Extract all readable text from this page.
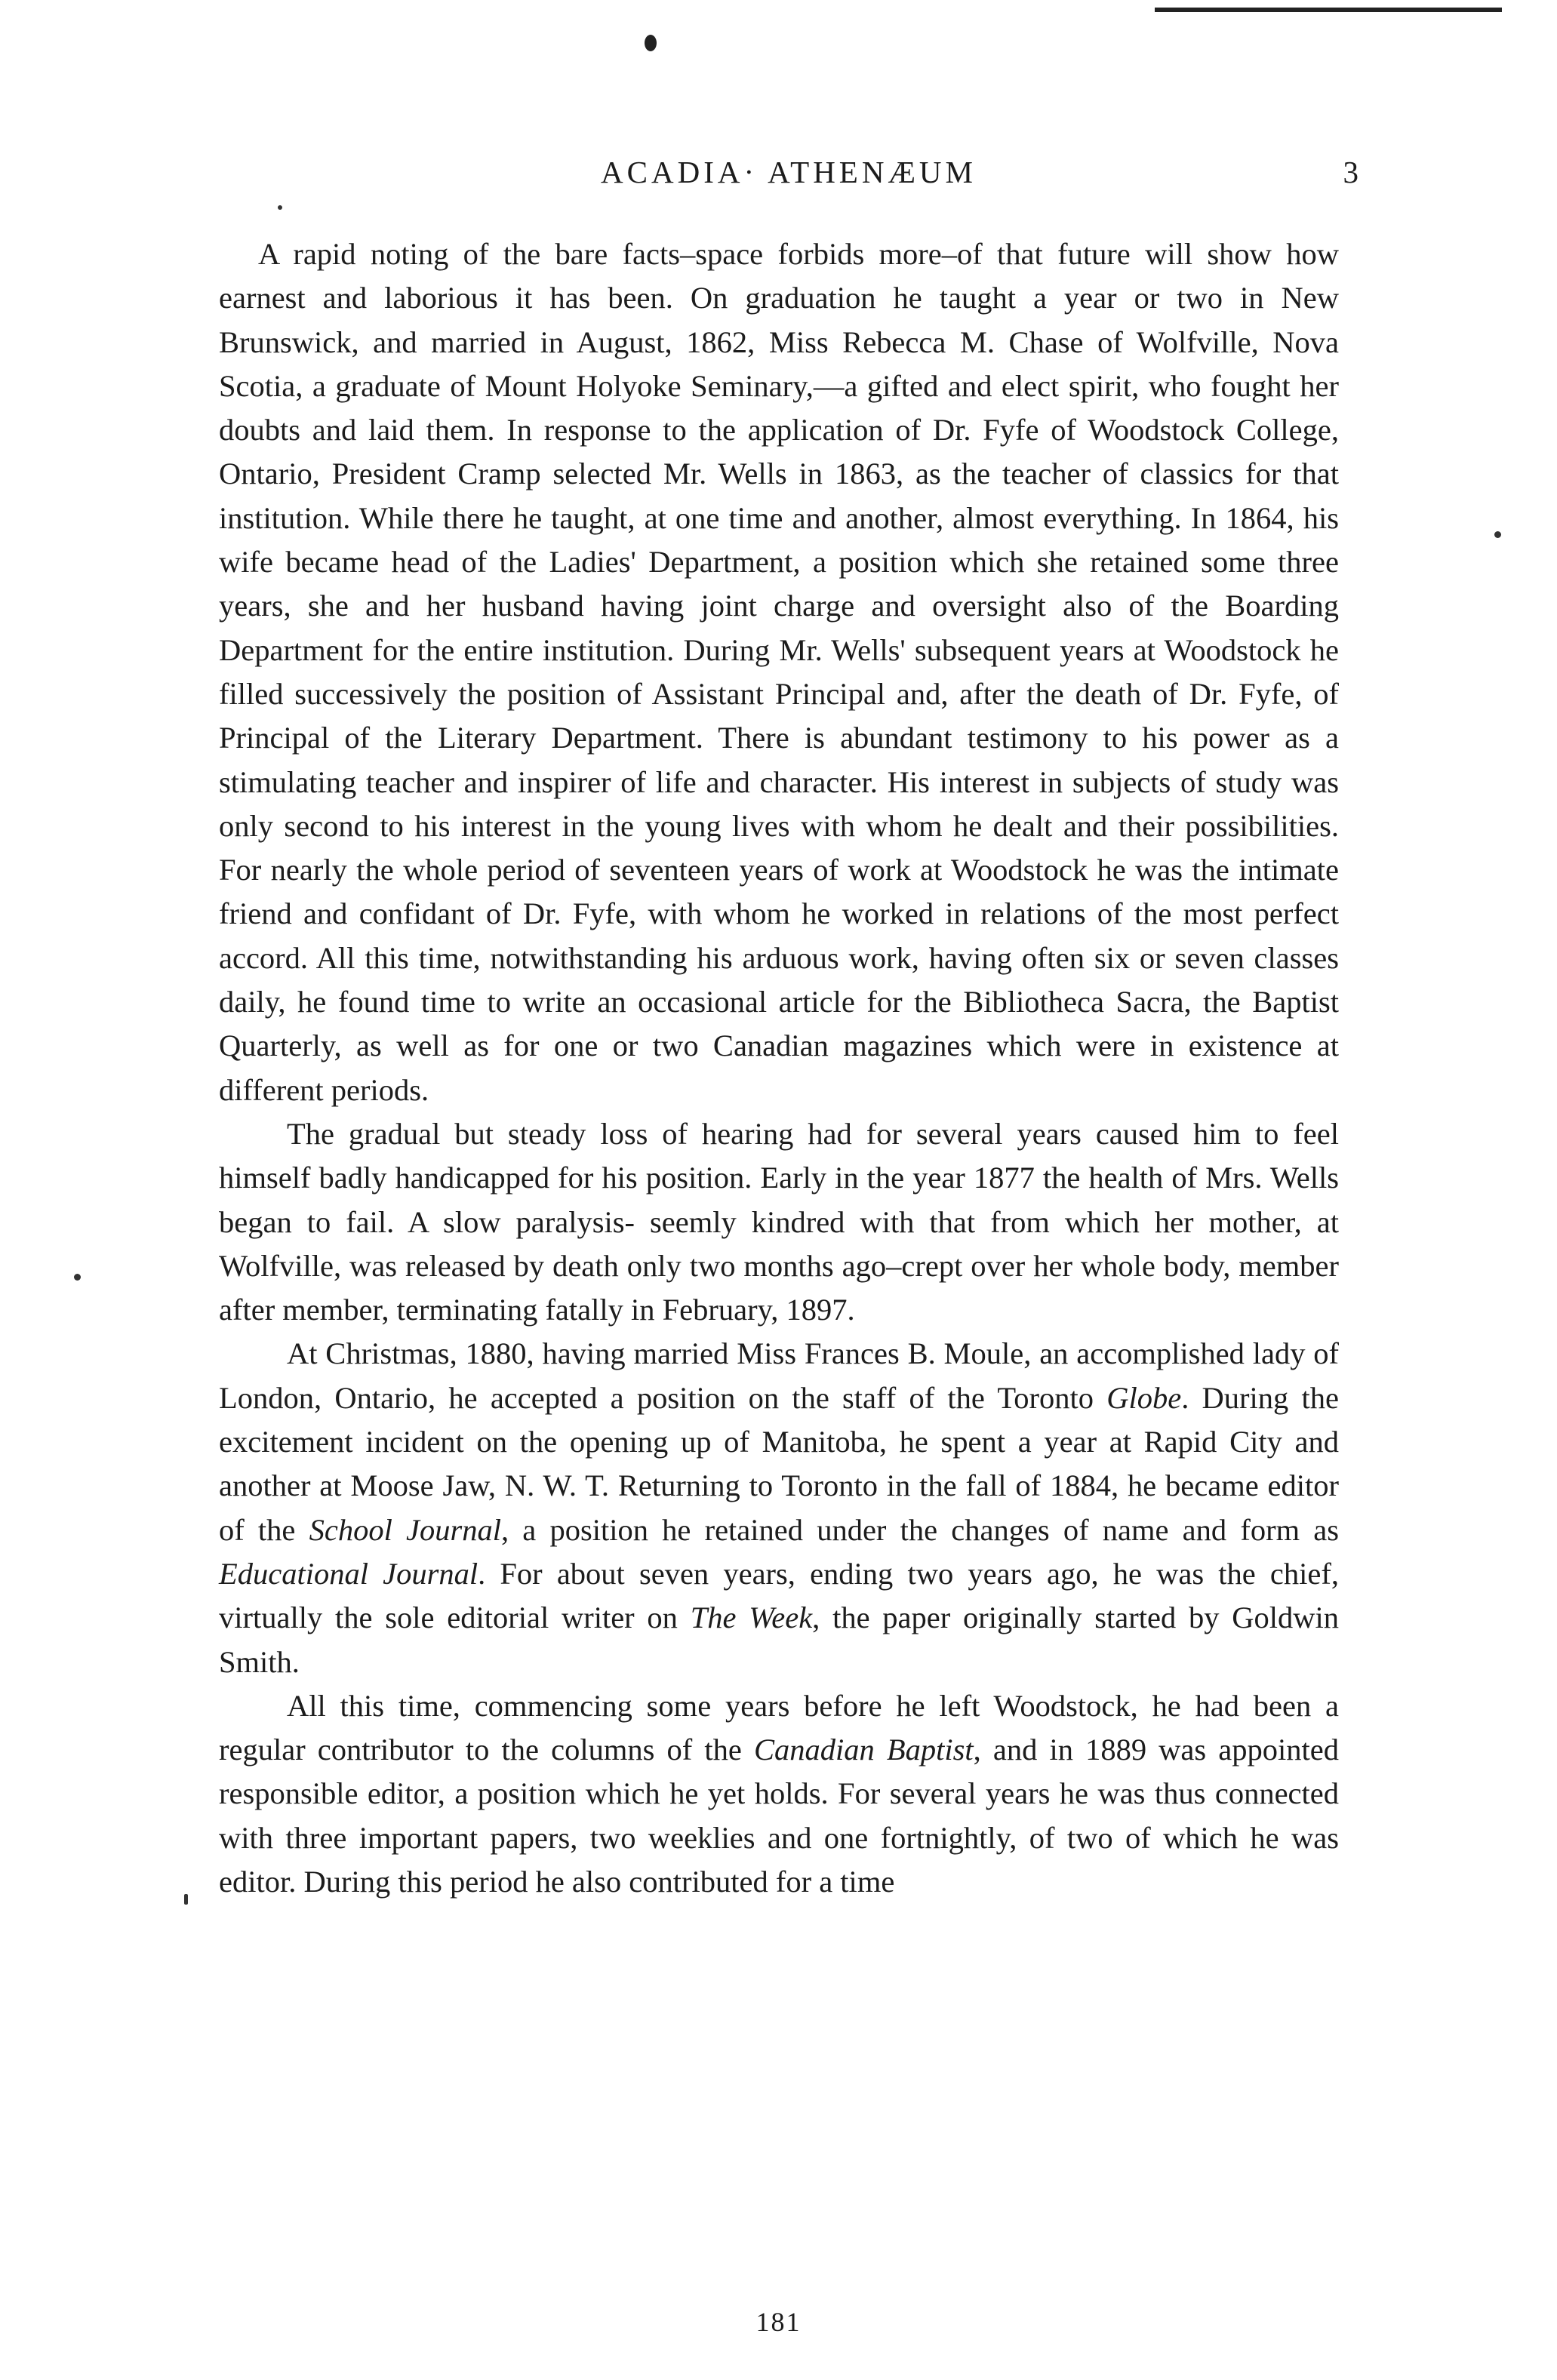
ACADIA· ATHENÆUM	3

A rapid noting of the bare facts–space forbids more–of that future will show how earnest and laborious it has been. On graduation he taught a year or two in New Brunswick, and married in August, 1862, Miss Rebecca M. Chase of Wolfville, Nova Scotia, a graduate of Mount Holyoke Seminary,—a gifted and elect spirit, who fought her doubts and laid them. In response to the application of Dr. Fyfe of Woodstock College, Ontario, President Cramp selected Mr. Wells in 1863, as the teacher of classics for that institution. While there he taught, at one time and another, almost everything. In 1864, his wife became head of the Ladies' Department, a position which she retained some three years, she and her husband having joint charge and oversight also of the Boarding Department for the entire institution. During Mr. Wells' subsequent years at Woodstock he filled successively the position of Assistant Principal and, after the death of Dr. Fyfe, of Principal of the Literary Department. There is abundant testimony to his power as a stimulating teacher and inspirer of life and character. His interest in subjects of study was only second to his interest in the young lives with whom he dealt and their possibilities. For nearly the whole period of seventeen years of work at Woodstock he was the intimate friend and confidant of Dr. Fyfe, with whom he worked in relations of the most perfect accord. All this time, notwithstanding his arduous work, having often six or seven classes daily, he found time to write an occasional article for the Bibliotheca Sacra, the Baptist Quarterly, as well as for one or two Canadian magazines which were in existence at different periods.

The gradual but steady loss of hearing had for several years caused him to feel himself badly handicapped for his position. Early in the year 1877 the health of Mrs. Wells began to fail. A slow paralysis- seemly kindred with that from which her mother, at Wolfville, was released by death only two months ago–crept over her whole body, member after member, terminating fatally in February, 1897.

At Christmas, 1880, having married Miss Frances B. Moule, an accomplished lady of London, Ontario, he accepted a position on the staff of the Toronto Globe. During the excitement incident on the opening up of Manitoba, he spent a year at Rapid City and another at Moose Jaw, N. W. T. Returning to Toronto in the fall of 1884, he became editor of the School Journal, a position he retained under the changes of name and form as Educational Journal. For about seven years, ending two years ago, he was the chief, virtually the sole editorial writer on The Week, the paper originally started by Goldwin Smith.

All this time, commencing some years before he left Woodstock, he had been a regular contributor to the columns of the Canadian Baptist, and in 1889 was appointed responsible editor, a position which he yet holds. For several years he was thus connected with three important papers, two weeklies and one fortnightly, of two of which he was editor. During this period he also contributed for a time

181
